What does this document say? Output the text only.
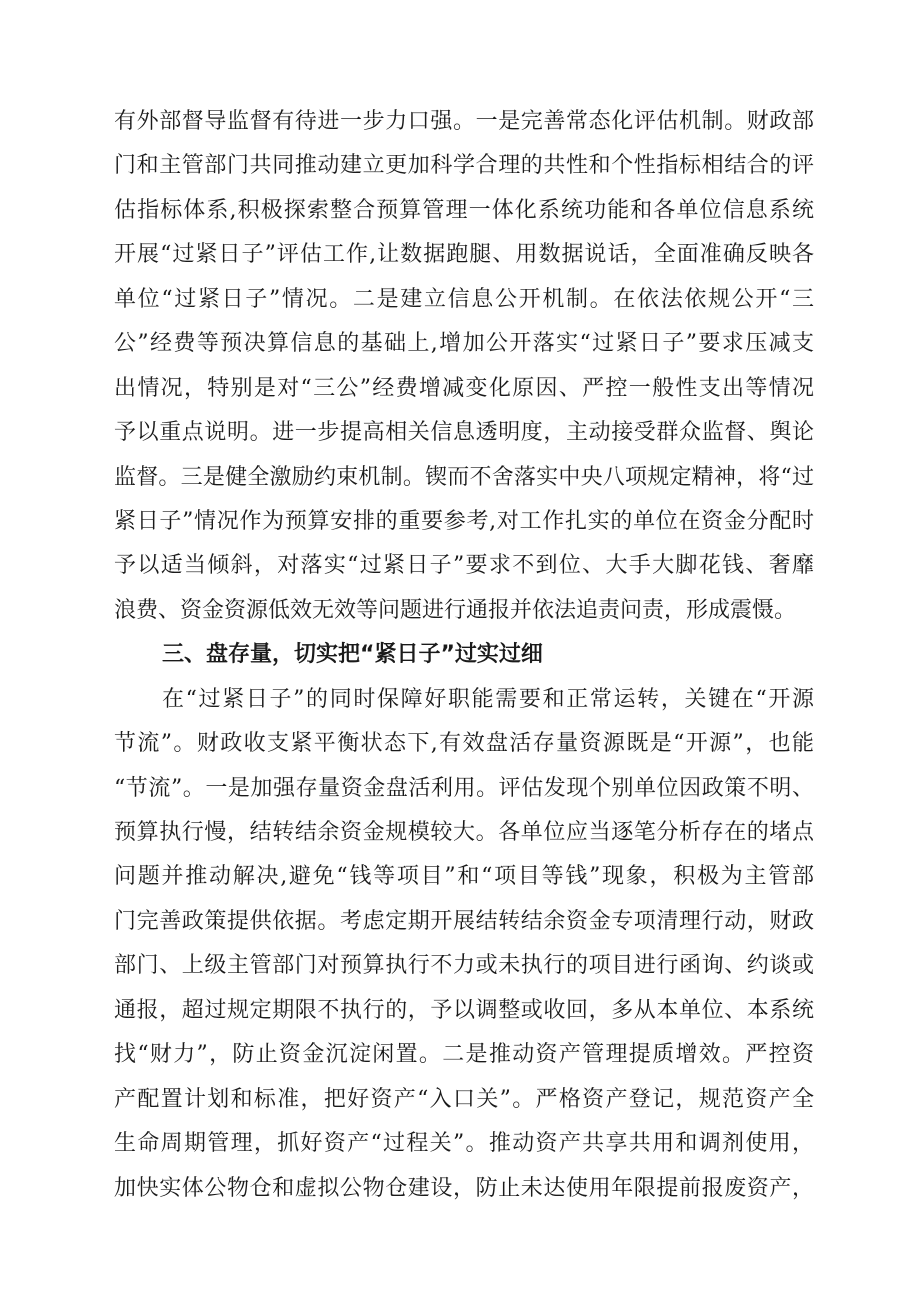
有外部督导监督有待进一步力口强。一是完善常态化评估机制。财政部
门和主管部门共同推动建立更加科学合理的共性和个性指标相结合的评
估指标体系,积极探索整合预算管理一体化系统功能和各单位信息系统
开展“过紧日子”评估工作,让数据跑腿、用数据说话，全面准确反映各
单位“过紧日子”情况。二是建立信息公开机制。在依法依规公开“三
公”经费等预决算信息的基础上,增加公开落实“过紧日子”要求压减支
出情况，特别是对“三公”经费增减变化原因、严控一般性支出等情况
予以重点说明。进一步提高相关信息透明度，主动接受群众监督、舆论
监督。三是健全激励约束机制。锲而不舍落实中央八项规定精神，将“过
紧日子”情况作为预算安排的重要参考,对工作扎实的单位在资金分配时
予以适当倾斜，对落实“过紧日子”要求不到位、大手大脚花钱、奢靡
浪费、资金资源低效无效等问题进行通报并依法追责问责，形成震慑。
三、盘存量，切实把“紧日子”过实过细
在“过紧日子”的同时保障好职能需要和正常运转，关键在“开源
节流”。财政收支紧平衡状态下,有效盘活存量资源既是“开源”，也能
“节流”。一是加强存量资金盘活利用。评估发现个别单位因政策不明、
预算执行慢，结转结余资金规模较大。各单位应当逐笔分析存在的堵点
问题并推动解决,避免“钱等项目”和“项目等钱”现象，积极为主管部
门完善政策提供依据。考虑定期开展结转结余资金专项清理行动，财政
部门、上级主管部门对预算执行不力或未执行的项目进行函询、约谈或
通报，超过规定期限不执行的，予以调整或收回，多从本单位、本系统
找“财力”，防止资金沉淀闲置。二是推动资产管理提质增效。严控资
产配置计划和标准，把好资产“入口关”。严格资产登记，规范资产全
生命周期管理，抓好资产“过程关”。推动资产共享共用和调剂使用，
加快实体公物仓和虚拟公物仓建设，防止未达使用年限提前报废资产，
